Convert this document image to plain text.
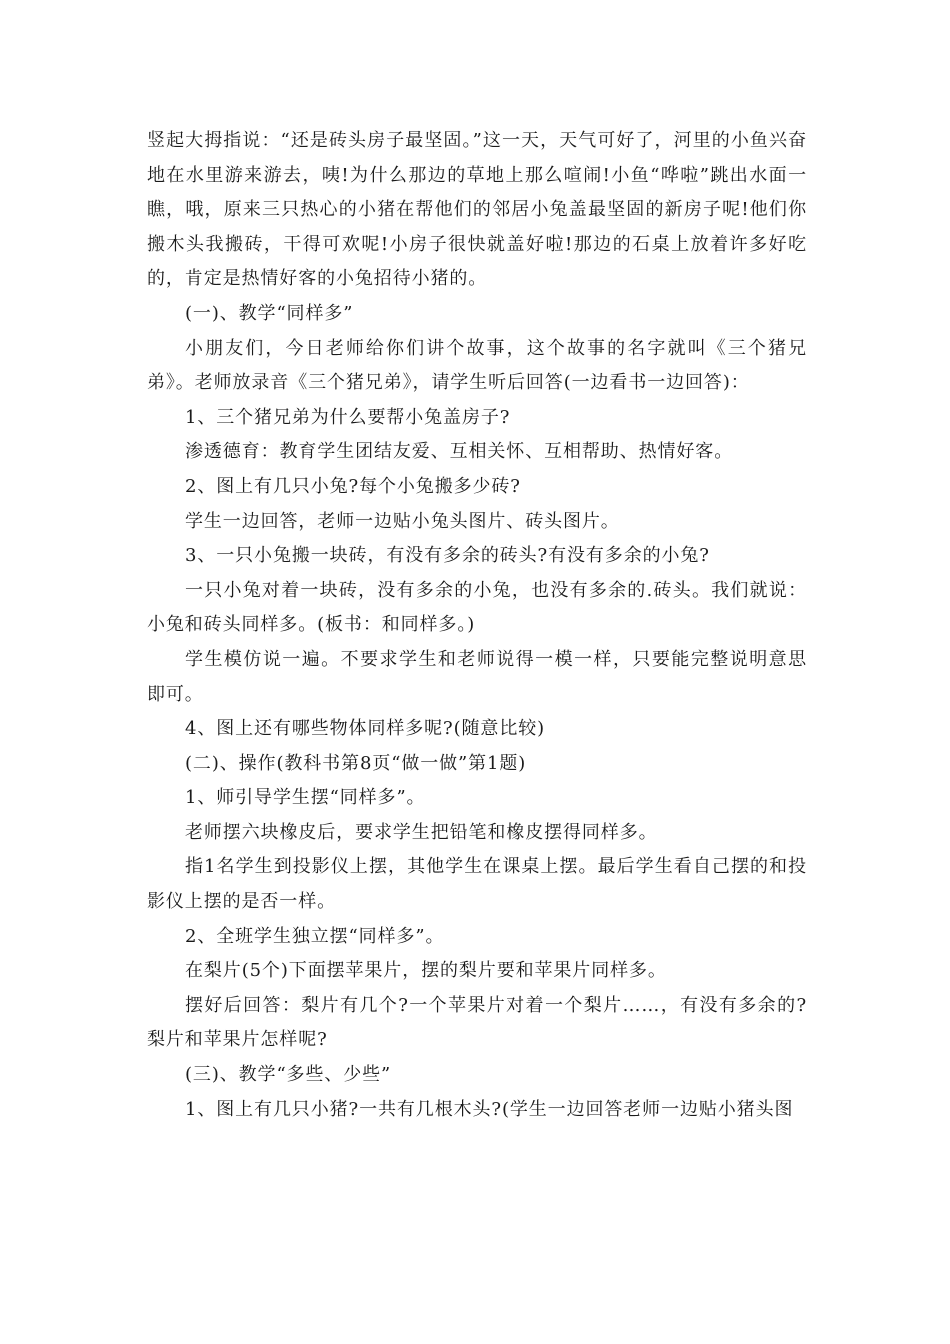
竖起大拇指说：“还是砖头房子最坚固。”这一天，天气可好了，河里的小鱼兴奋地在水里游来游去，咦!为什么那边的草地上那么喧闹!小鱼“哗啦”跳出水面一瞧，哦，原来三只热心的小猪在帮他们的邻居小兔盖最坚固的新房子呢!他们你搬木头我搬砖，干得可欢呢!小房子很快就盖好啦!那边的石桌上放着许多好吃的，肯定是热情好客的小兔招待小猪的。

(一)、教学“同样多”

小朋友们，今日老师给你们讲个故事，这个故事的名字就叫《三个猪兄弟》。老师放录音《三个猪兄弟》，请学生听后回答(一边看书一边回答)：

1、三个猪兄弟为什么要帮小兔盖房子?

渗透德育：教育学生团结友爱、互相关怀、互相帮助、热情好客。

2、图上有几只小兔?每个小兔搬多少砖?

学生一边回答，老师一边贴小兔头图片、砖头图片。

3、一只小兔搬一块砖，有没有多余的砖头?有没有多余的小兔?

一只小兔对着一块砖，没有多余的小兔，也没有多余的.砖头。我们就说：小兔和砖头同样多。(板书：和同样多。)

学生模仿说一遍。不要求学生和老师说得一模一样，只要能完整说明意思即可。

4、图上还有哪些物体同样多呢?(随意比较)

(二)、操作(教科书第8页“做一做”第1题)

1、师引导学生摆“同样多”。

老师摆六块橡皮后，要求学生把铅笔和橡皮摆得同样多。

指1名学生到投影仪上摆，其他学生在课桌上摆。最后学生看自己摆的和投影仪上摆的是否一样。

2、全班学生独立摆“同样多”。

在梨片(5个)下面摆苹果片，摆的梨片要和苹果片同样多。

摆好后回答：梨片有几个?一个苹果片对着一个梨片……，有没有多余的?梨片和苹果片怎样呢?

(三)、教学“多些、少些”

1、图上有几只小猪?一共有几根木头?(学生一边回答老师一边贴小猪头图
